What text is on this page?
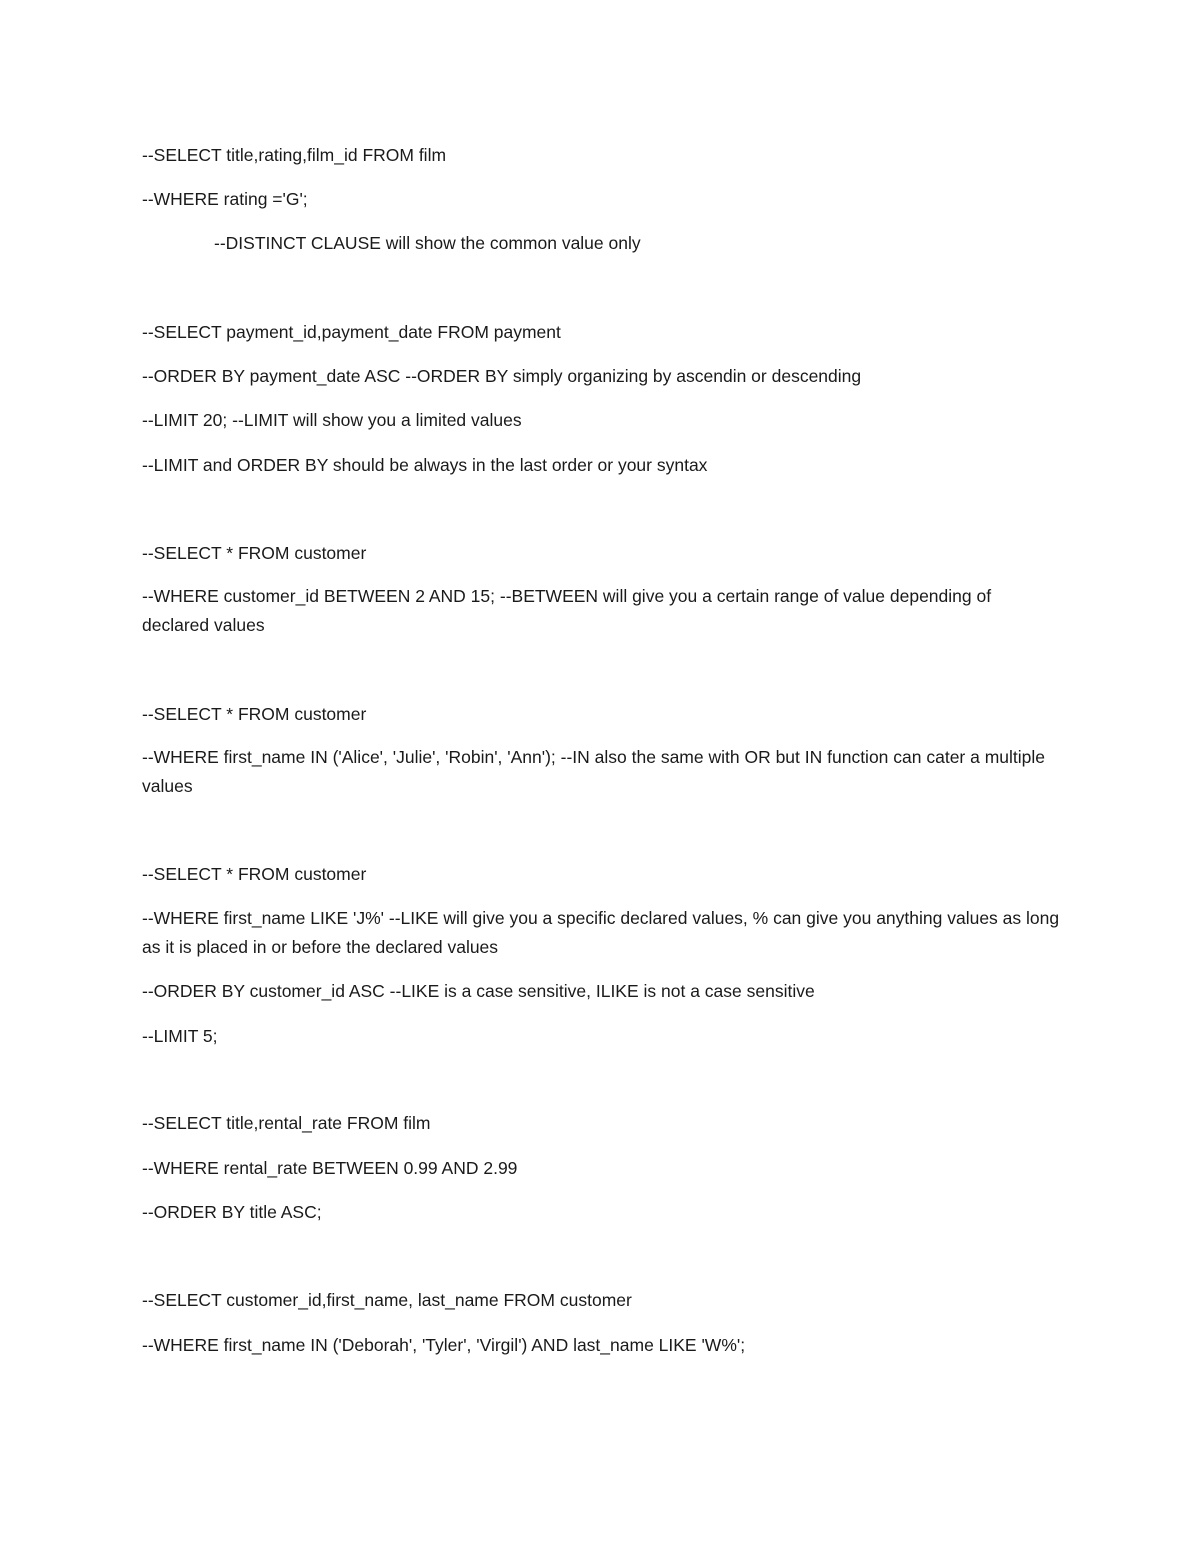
--SELECT title,rating,film_id FROM film
--WHERE rating ='G';
--DISTINCT CLAUSE will show the common value only
--SELECT payment_id,payment_date FROM payment
--ORDER BY payment_date ASC --ORDER BY simply organizing by ascendin or descending
--LIMIT 20; --LIMIT will show you a limited values
--LIMIT and ORDER BY should be always in the last order or your syntax
--SELECT * FROM customer
--WHERE customer_id BETWEEN 2 AND 15; --BETWEEN will give you a certain range of value depending of declared values
--SELECT * FROM customer
--WHERE first_name IN ('Alice', 'Julie', 'Robin', 'Ann'); --IN also the same with OR but IN function can cater a multiple values
--SELECT * FROM customer
--WHERE first_name LIKE 'J%' --LIKE will give you a specific declared values, % can give you anything values as long as it is placed in or before the declared values
--ORDER BY customer_id ASC --LIKE is a case sensitive, ILIKE is not a case sensitive
--LIMIT 5;
--SELECT title,rental_rate FROM film
--WHERE rental_rate BETWEEN 0.99 AND 2.99
--ORDER BY title ASC;
--SELECT customer_id,first_name, last_name FROM customer
--WHERE first_name IN ('Deborah', 'Tyler', 'Virgil') AND last_name LIKE 'W%';
